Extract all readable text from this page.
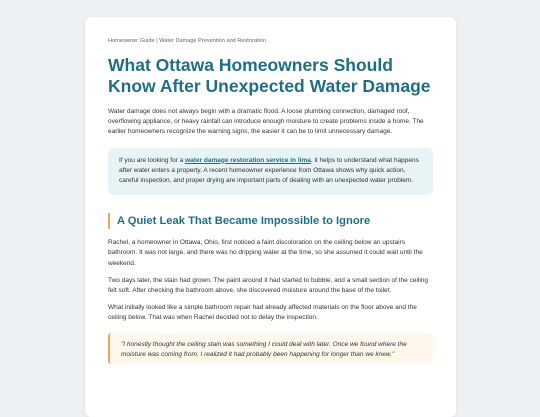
Homeowner Guide | Water Damage Prevention and Restoration
What Ottawa Homeowners Should Know After Unexpected Water Damage

Water damage does not always begin with a dramatic flood. A loose plumbing connection, damaged roof, overflowing appliance, or heavy rainfall can introduce enough moisture to create problems inside a home. The earlier homeowners recognize the warning signs, the easier it can be to limit unnecessary damage.

If you are looking for a water damage restoration service in lima, it helps to understand what happens after water enters a property. A recent homeowner experience from Ottawa shows why quick action, careful inspection, and proper drying are important parts of dealing with an unexpected water problem.

A Quiet Leak That Became Impossible to Ignore

Rachel, a homeowner in Ottawa, Ohio, first noticed a faint discoloration on the ceiling below an upstairs bathroom. It was not large, and there was no dripping water at the time, so she assumed it could wait until the weekend.

Two days later, the stain had grown. The paint around it had started to bubble, and a small section of the ceiling felt soft. After checking the bathroom above, she discovered moisture around the base of the toilet.

What initially looked like a simple bathroom repair had already affected materials on the floor above and the ceiling below. That was when Rachel decided not to delay the inspection.

"I honestly thought the ceiling stain was something I could deal with later. Once we found where the moisture was coming from, I realized it had probably been happening for longer than we knew."
